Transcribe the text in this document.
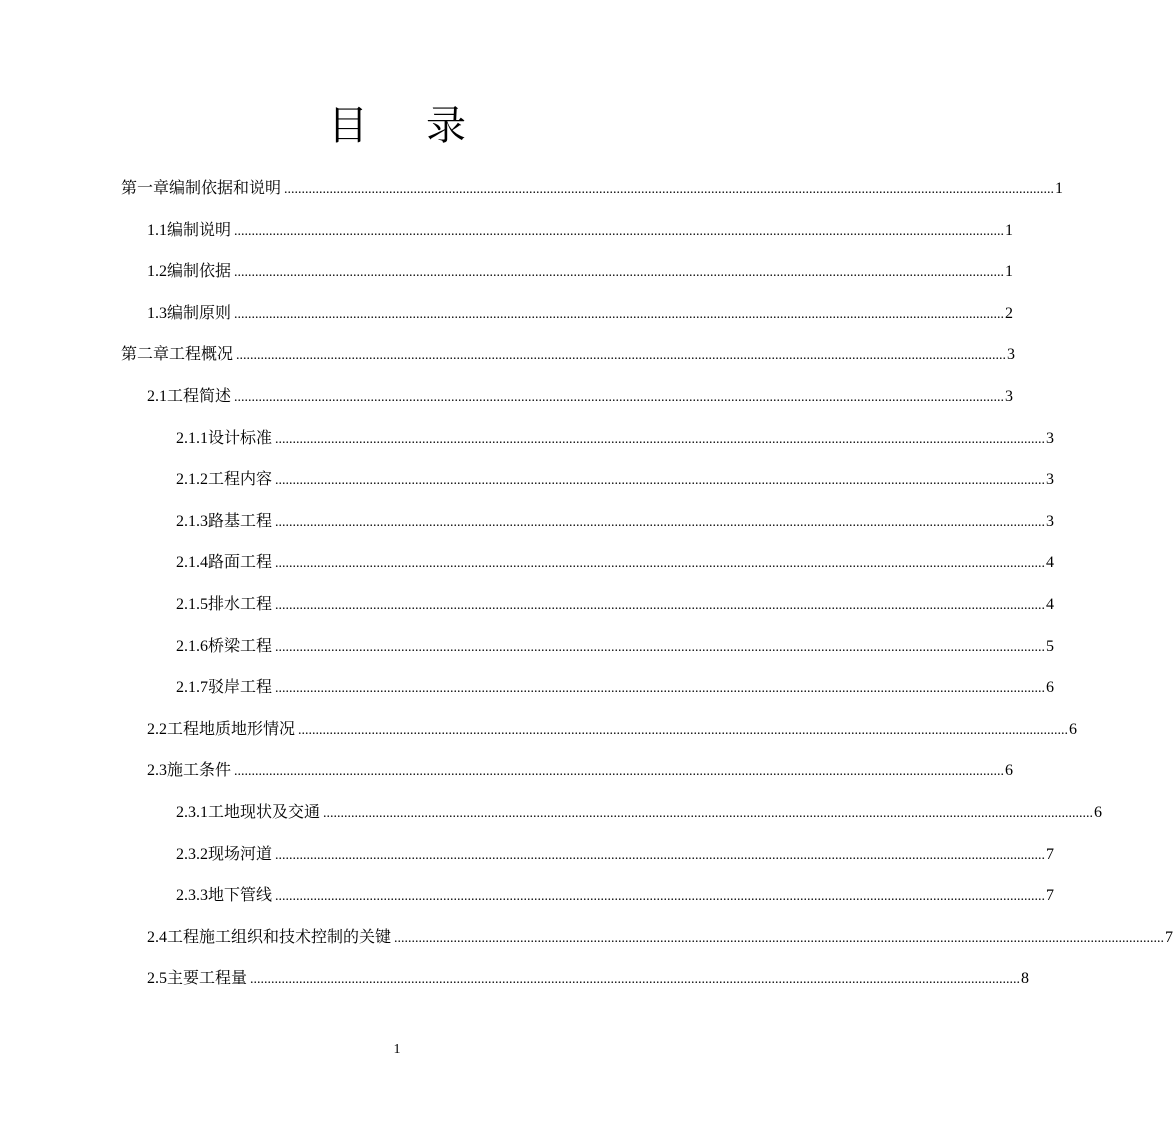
目 录
第一章 编制依据和说明 ............................................................................................................................................................................................................................ 1
1.1 编制说明 ............................................................................................................................................................................................................................ 1
1.2 编制依据 ............................................................................................................................................................................................................................ 1
1.3 编制原则 ............................................................................................................................................................................................................................ 2
第二章 工程概况 ............................................................................................................................................................................................................................ 3
2.1 工程简述 ............................................................................................................................................................................................................................ 3
2.1.1 设计标准 ............................................................................................................................................................................................................................ 3
2.1.2 工程内容 ............................................................................................................................................................................................................................ 3
2.1.3 路基工程 ............................................................................................................................................................................................................................ 3
2.1.4 路面工程 ............................................................................................................................................................................................................................ 4
2.1.5 排水工程 ............................................................................................................................................................................................................................ 4
2.1.6 桥梁工程 ............................................................................................................................................................................................................................ 5
2.1.7 驳岸工程 ............................................................................................................................................................................................................................ 6
2.2 工程地质地形情况 ............................................................................................................................................................................................................................ 6
2.3 施工条件 ............................................................................................................................................................................................................................ 6
2.3.1 工地现状及交通 ............................................................................................................................................................................................................................ 6
2.3.2 现场河道 ............................................................................................................................................................................................................................ 7
2.3.3 地下管线 ............................................................................................................................................................................................................................ 7
2.4 工程施工组织和技术控制的关键 ............................................................................................................................................................................................................................ 7
2.5 主要工程量 ............................................................................................................................................................................................................................ 8
1
